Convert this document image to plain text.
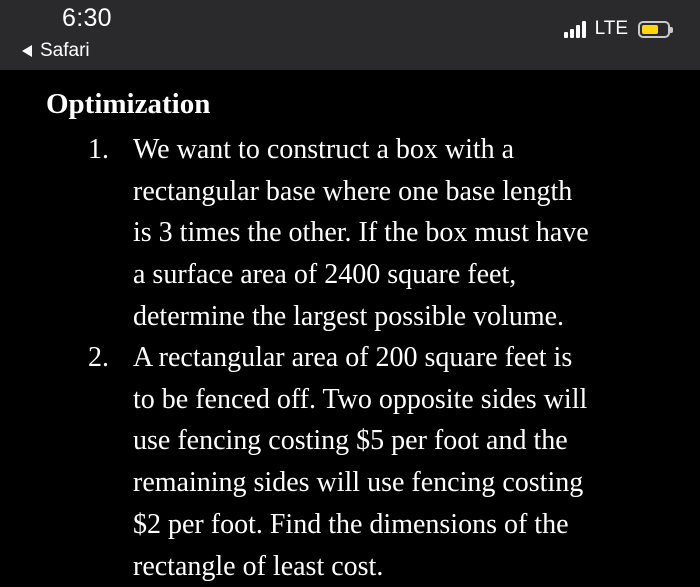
6:30
Safari
LTE
Optimization
1. We want to construct a box with a
rectangular base where one base length
is 3 times the other. If the box must have
a surface area of 2400 square feet,
determine the largest possible volume.
2. A rectangular area of 200 square feet is
to be fenced off. Two opposite sides will
use fencing costing $5 per foot and the
remaining sides will use fencing costing
$2 per foot. Find the dimensions of the
rectangle of least cost.
